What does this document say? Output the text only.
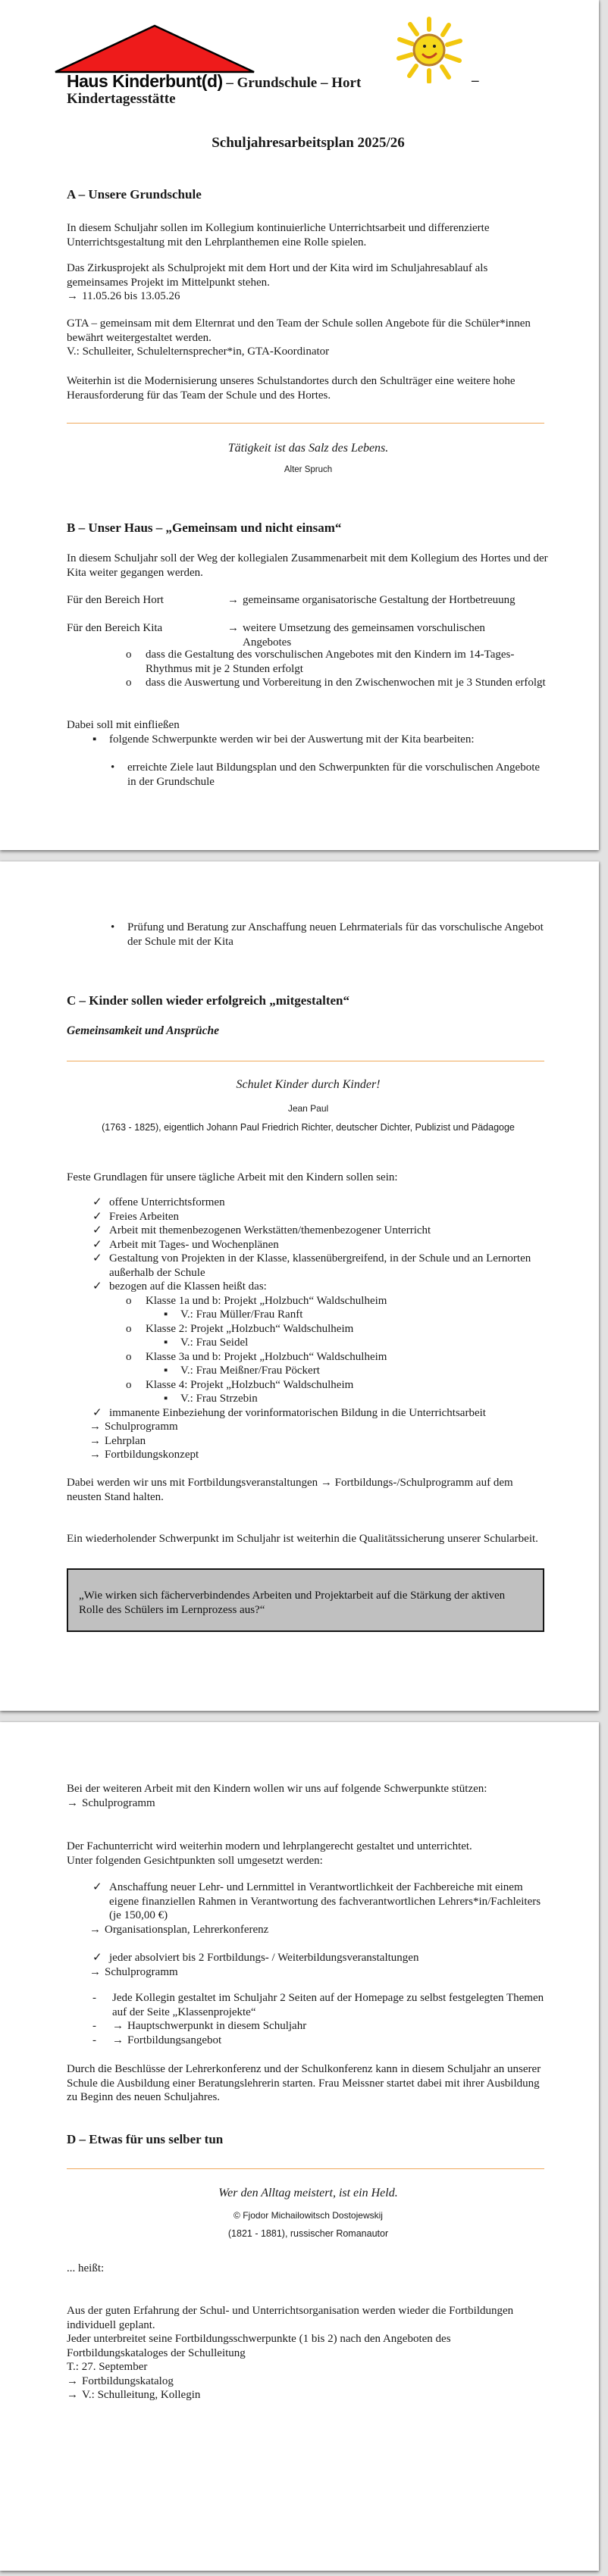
Haus Kinderbunt(d) – Grundschule – Hort	–
Kindertagesstätte
Schuljahresarbeitsplan 2025/26
A – Unsere Grundschule
In diesem Schuljahr sollen im Kollegium kontinuierliche Unterrichtsarbeit und differenzierte Unterrichtsgestaltung mit den Lehrplanthemen eine Rolle spielen.
Das Zirkusprojekt als Schulprojekt mit dem Hort und der Kita wird im Schuljahresablauf als gemeinsames Projekt im Mittelpunkt stehen.
→ 11.05.26 bis 13.05.26
GTA – gemeinsam mit dem Elternrat und den Team der Schule sollen Angebote für die Schüler*innen bewährt weitergestaltet werden.
V.: Schulleiter, Schulelternsprecher*in, GTA-Koordinator
Weiterhin ist die Modernisierung unseres Schulstandortes durch den Schulträger eine weitere hohe Herausforderung für das Team der Schule und des Hortes.
Tätigkeit ist das Salz des Lebens.
Alter Spruch
B – Unser Haus – „Gemeinsam und nicht einsam“
In diesem Schuljahr soll der Weg der kollegialen Zusammenarbeit mit dem Kollegium des Hortes und der Kita weiter gegangen werden.
Für den Bereich Hort	→ gemeinsame organisatorische Gestaltung der Hortbetreuung
Für den Bereich Kita	→ weitere Umsetzung des gemeinsamen vorschulischen Angebotes
o	dass die Gestaltung des vorschulischen Angebotes mit den Kindern im 14-Tages-Rhythmus mit je 2 Stunden erfolgt
o	dass die Auswertung und Vorbereitung in den Zwischenwochen mit je 3 Stunden erfolgt
Dabei soll mit einfließen
▪	folgende Schwerpunkte werden wir bei der Auswertung mit der Kita bearbeiten:
•	erreichte Ziele laut Bildungsplan und den Schwerpunkten für die vorschulischen Angebote in der Grundschule
•	Prüfung und Beratung zur Anschaffung neuen Lehrmaterials für das vorschulische Angebot der Schule mit der Kita
C – Kinder sollen wieder erfolgreich „mitgestalten“
Gemeinsamkeit und Ansprüche
Schulet Kinder durch Kinder!
Jean Paul
(1763 - 1825), eigentlich Johann Paul Friedrich Richter, deutscher Dichter, Publizist und Pädagoge
Feste Grundlagen für unsere tägliche Arbeit mit den Kindern sollen sein:
✓ offene Unterrichtsformen
✓ Freies Arbeiten
✓ Arbeit mit themenbezogenen Werkstätten/themenbezogener Unterricht
✓ Arbeit mit Tages- und Wochenplänen
✓ Gestaltung von Projekten in der Klasse, klassenübergreifend, in der Schule und an Lernorten außerhalb der Schule
✓ bezogen auf die Klassen heißt das:
o	Klasse 1a und b: Projekt „Holzbuch“ Waldschulheim
▪	V.: Frau Müller/Frau Ranft
o	Klasse 2: Projekt „Holzbuch“ Waldschulheim
▪	V.: Frau Seidel
o	Klasse 3a und b: Projekt „Holzbuch“ Waldschulheim
▪	V.: Frau Meißner/Frau Pöckert
o	Klasse 4: Projekt „Holzbuch“ Waldschulheim
▪	V.: Frau Strzebin
✓ immanente Einbeziehung der vorinformatorischen Bildung in die Unterrichtsarbeit
→ Schulprogramm
→ Lehrplan
→ Fortbildungskonzept
Dabei werden wir uns mit Fortbildungsveranstaltungen → Fortbildungs-/Schulprogramm auf dem neusten Stand halten.
Ein wiederholender Schwerpunkt im Schuljahr ist weiterhin die Qualitätssicherung unserer Schularbeit.
„Wie wirken sich fächerverbindendes Arbeiten und Projektarbeit auf die Stärkung der aktiven Rolle des Schülers im Lernprozess aus?“
Bei der weiteren Arbeit mit den Kindern wollen wir uns auf folgende Schwerpunkte stützen:
→ Schulprogramm
Der Fachunterricht wird weiterhin modern und lehrplangerecht gestaltet und unterrichtet.
Unter folgenden Gesichtpunkten soll umgesetzt werden:
✓ Anschaffung neuer Lehr- und Lernmittel in Verantwortlichkeit der Fachbereiche mit einem eigene finanziellen Rahmen in Verantwortung des fachverantwortlichen Lehrers*in/Fachleiters (je 150,00 €)
→ Organisationsplan, Lehrerkonferenz
✓ jeder absolviert bis 2 Fortbildungs- / Weiterbildungsveranstaltungen
→ Schulprogramm
-	Jede Kollegin gestaltet im Schuljahr 2 Seiten auf der Homepage zu selbst festgelegten Themen auf der Seite „Klassenprojekte“
-	→ Hauptschwerpunkt in diesem Schuljahr
-	→ Fortbildungsangebot
Durch die Beschlüsse der Lehrerkonferenz und der Schulkonferenz kann in diesem Schuljahr an unserer Schule die Ausbildung einer Beratungslehrerin starten. Frau Meissner startet dabei mit ihrer Ausbildung zu Beginn des neuen Schuljahres.
D – Etwas für uns selber tun
Wer den Alltag meistert, ist ein Held.
© Fjodor Michailowitsch Dostojewskij
(1821 - 1881), russischer Romanautor
... heißt:
Aus der guten Erfahrung der Schul- und Unterrichtsorganisation werden wieder die Fortbildungen individuell geplant.
Jeder unterbreitet seine Fortbildungsschwerpunkte (1 bis 2) nach den Angeboten des Fortbildungskataloges der Schulleitung
T.: 27. September
→ Fortbildungskatalog
→ V.: Schulleitung, Kollegin
